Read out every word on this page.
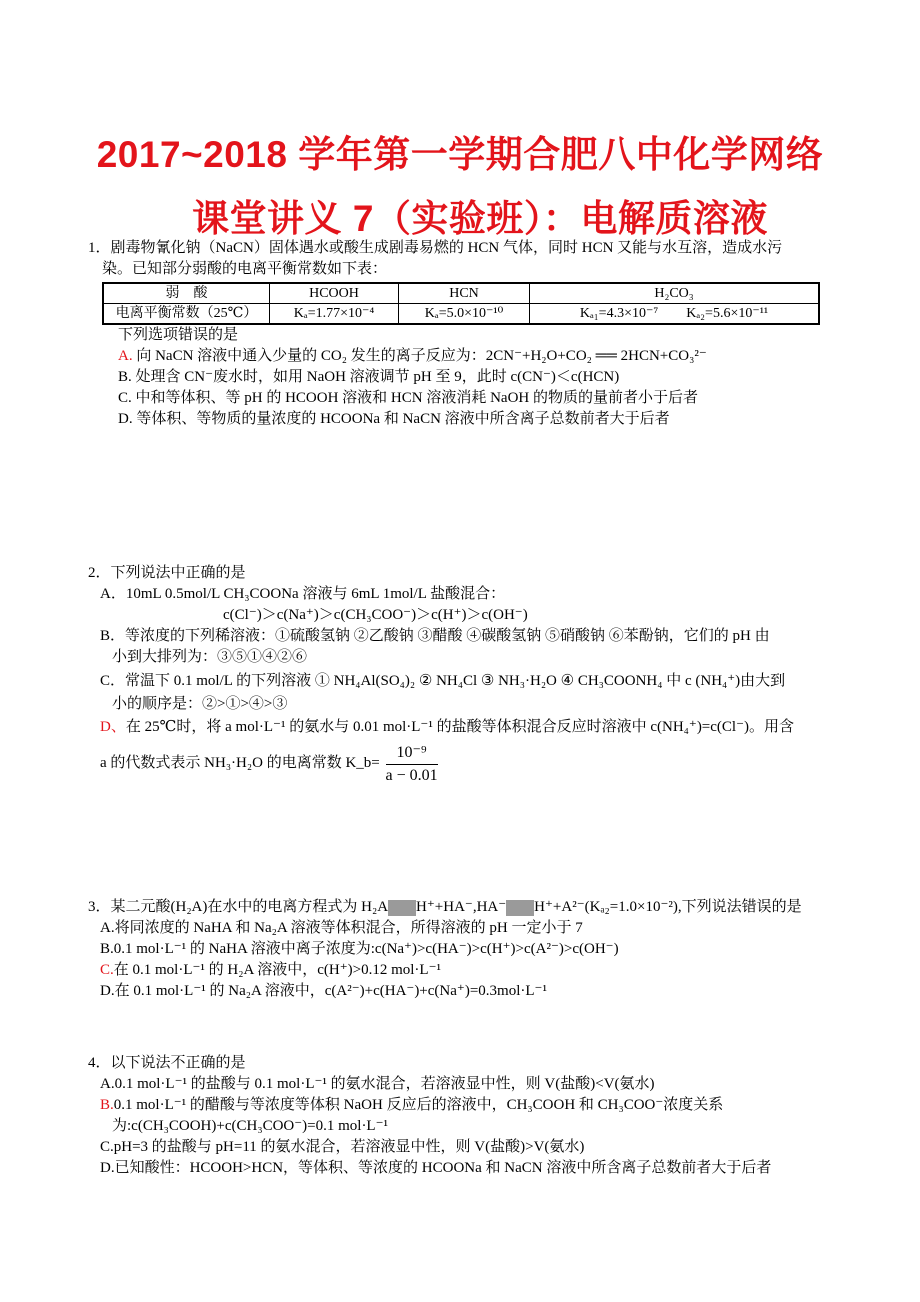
2017~2018 学年第一学期合肥八中化学网络
课堂讲义 7（实验班）：电解质溶液
1．剧毒物氰化钠（NaCN）固体遇水或酸生成剧毒易燃的 HCN 气体，同时 HCN 又能与水互溶，造成水污
染。已知部分弱酸的电离平衡常数如下表：
弱　酸	HCOOH	HCN	H₂CO₃
电离平衡常数（25℃）	Kₐ=1.77×10⁻⁴	Kₐ=5.0×10⁻¹⁰	Kₐ₁=4.3×10⁻⁷　　Kₐ₂=5.6×10⁻¹¹
下列选项错误的是
A. 向 NaCN 溶液中通入少量的 CO₂ 发生的离子反应为：2CN⁻+H₂O+CO₂ ══ 2HCN+CO₃²⁻
B. 处理含 CN⁻废水时，如用 NaOH 溶液调节 pH 至 9，此时 c(CN⁻)＜c(HCN)
C. 中和等体积、等 pH 的 HCOOH 溶液和 HCN 溶液消耗 NaOH 的物质的量前者小于后者
D. 等体积、等物质的量浓度的 HCOONa 和 NaCN 溶液中所含离子总数前者大于后者
2．下列说法中正确的是
A．10mL 0.5mol/L CH₃COONa 溶液与 6mL 1mol/L 盐酸混合：
c(Cl⁻)＞c(Na⁺)＞c(CH₃COO⁻)＞c(H⁺)＞c(OH⁻)
B．等浓度的下列稀溶液：①硫酸氢钠 ②乙酸钠 ③醋酸 ④碳酸氢钠 ⑤硝酸钠 ⑥苯酚钠，它们的 pH 由
小到大排列为：③⑤①④②⑥
C．常温下 0.1 mol/L 的下列溶液 ① NH₄Al(SO₄)₂ ② NH₄Cl ③ NH₃·H₂O ④ CH₃COONH₄ 中 c (NH₄⁺)由大到
小的顺序是：②>①>④>③
D、在 25℃时，将 a mol·L⁻¹ 的氨水与 0.01 mol·L⁻¹ 的盐酸等体积混合反应时溶液中 c(NH₄⁺)=c(Cl⁻)。用含
a 的代数式表示 NH₃·H₂O 的电离常数 K_b= $\frac{\text{10⁻⁹}}{a - 0.01}$
3．某二元酸(H₂A)在水中的电离方程式为 H₂A H⁺+HA⁻,HA⁻ H⁺+A²⁻(Kₐ₂=1.0×10⁻²),下列说法错误的是
A.将同浓度的 NaHA 和 Na₂A 溶液等体积混合，所得溶液的 pH 一定小于 7
B.0.1 mol·L⁻¹ 的 NaHA 溶液中离子浓度为:c(Na⁺)>c(HA⁻)>c(H⁺)>c(A²⁻)>c(OH⁻)
C.在 0.1 mol·L⁻¹ 的 H₂A 溶液中，c(H⁺)>0.12 mol·L⁻¹
D.在 0.1 mol·L⁻¹ 的 Na₂A 溶液中，c(A²⁻)+c(HA⁻)+c(Na⁺)=0.3mol·L⁻¹
4．以下说法不正确的是
A.0.1 mol·L⁻¹ 的盐酸与 0.1 mol·L⁻¹ 的氨水混合，若溶液显中性，则 V(盐酸)<V(氨水)
B.0.1 mol·L⁻¹ 的醋酸与等浓度等体积 NaOH 反应后的溶液中，CH₃COOH 和 CH₃COO⁻浓度关系
为:c(CH₃COOH)+c(CH₃COO⁻)=0.1 mol·L⁻¹
C.pH=3 的盐酸与 pH=11 的氨水混合，若溶液显中性，则 V(盐酸)>V(氨水)
D.已知酸性：HCOOH>HCN，等体积、等浓度的 HCOONa 和 NaCN 溶液中所含离子总数前者大于后者
